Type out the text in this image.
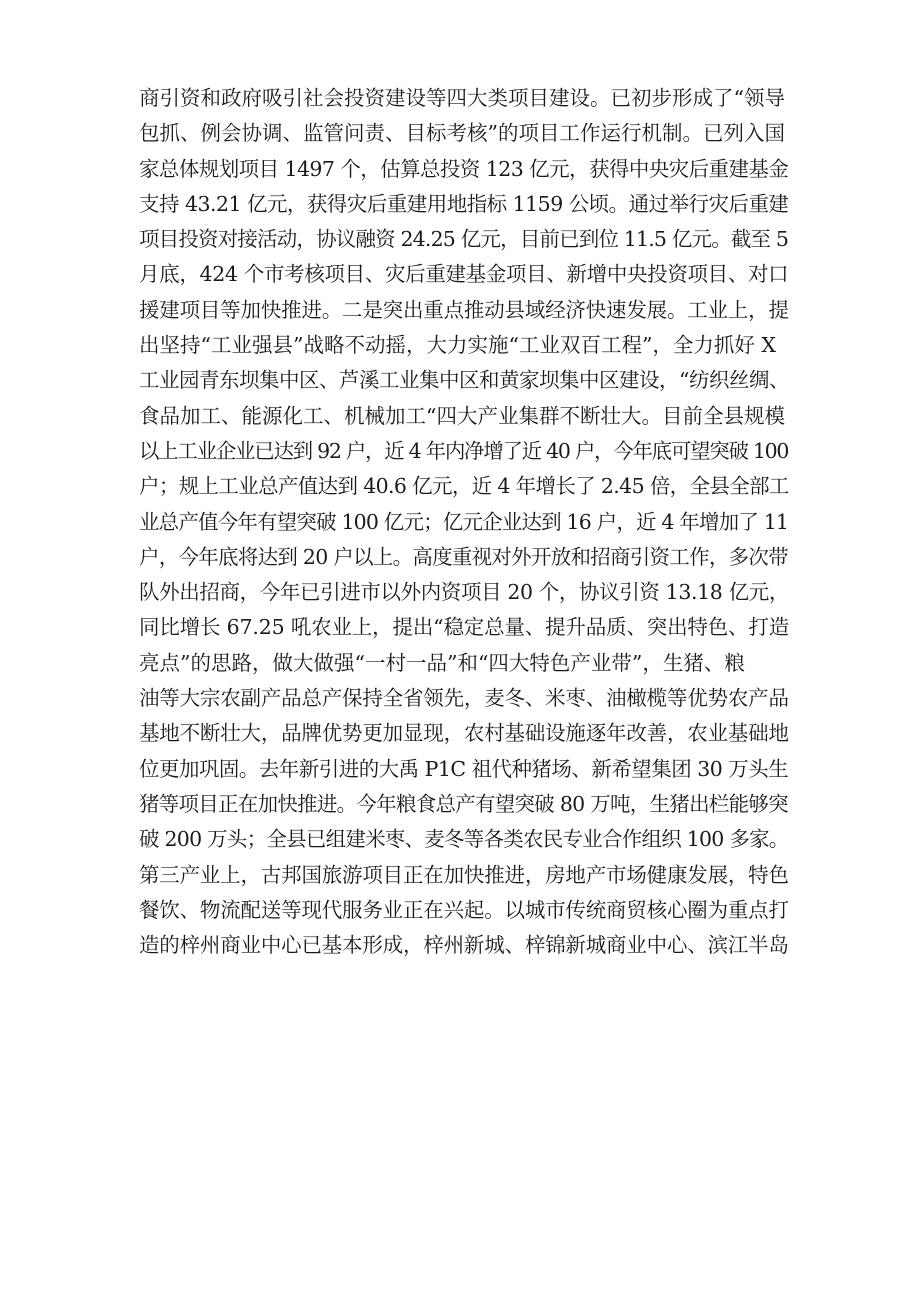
商引资和政府吸引社会投资建设等四大类项目建设。已初步形成了“领导
包抓、例会协调、监管问责、目标考核”的项目工作运行机制。已列入国
家总体规划项目 1497 个，估算总投资 123 亿元，获得中央灾后重建基金
支持 43.21 亿元，获得灾后重建用地指标 1159 公顷。通过举行灾后重建
项目投资对接活动，协议融资 24.25 亿元，目前已到位 11.5 亿元。截至 5
月底，424 个市考核项目、灾后重建基金项目、新增中央投资项目、对口
援建项目等加快推进。二是突出重点推动县域经济快速发展。工业上，提
出坚持“工业强县”战略不动摇，大力实施“工业双百工程”，全力抓好 X
工业园青东坝集中区、芦溪工业集中区和黄家坝集中区建设，“纺织丝绸、
食品加工、能源化工、机械加工“四大产业集群不断壮大。目前全县规模
以上工业企业已达到 92 户，近 4 年内净增了近 40 户，今年底可望突破 100
户；规上工业总产值达到 40.6 亿元，近 4 年增长了 2.45 倍，全县全部工
业总产值今年有望突破 100 亿元；亿元企业达到 16 户，近 4 年增加了 11
户，今年底将达到 20 户以上。高度重视对外开放和招商引资工作，多次带
队外出招商，今年已引进市以外内资项目 20 个，协议引资 13.18 亿元，
同比增长 67.25 吼农业上，提出“稳定总量、提升品质、突出特色、打造
亮点”的思路，做大做强“一村一品”和“四大特色产业带”，生猪、粮
油等大宗农副产品总产保持全省领先，麦冬、米枣、油橄榄等优势农产品
基地不断壮大，品牌优势更加显现，农村基础设施逐年改善，农业基础地
位更加巩固。去年新引进的大禹 P1C 祖代种猪场、新希望集团 30 万头生
猪等项目正在加快推进。今年粮食总产有望突破 80 万吨，生猪出栏能够突
破 200 万头；全县已组建米枣、麦冬等各类农民专业合作组织 100 多家。
第三产业上，古邦国旅游项目正在加快推进，房地产市场健康发展，特色
餐饮、物流配送等现代服务业正在兴起。以城市传统商贸核心圈为重点打
造的梓州商业中心已基本形成，梓州新城、梓锦新城商业中心、滨江半岛
